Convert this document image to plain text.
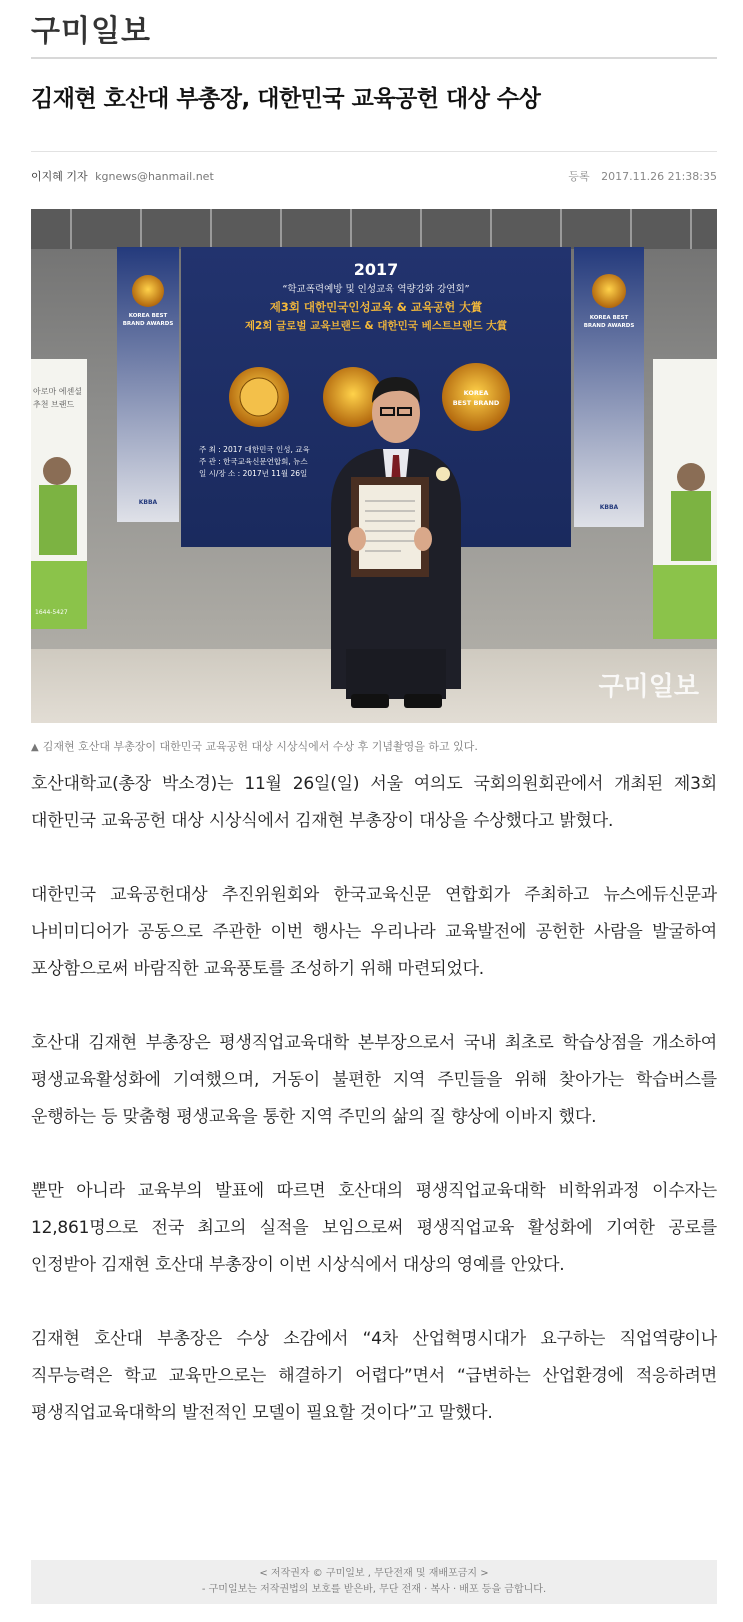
구미일보
김재현 호산대 부총장, 대한민국 교육공헌 대상 수상
이지혜 기자 kgnews@hanmail.net	등록 2017.11.26 21:38:35
2017
“학교폭력예방 및 인성교육 역량강화 강연회”
제3회 대한민국인성교육 & 교육공헌 大賞
제2회 글로벌 교육브랜드 & 대한민국 베스트브랜드 大賞
KOREA
BEST BRAND
주 최 : 2017 대한민국 인성, 교육
주 관 : 한국교육신문연합회, 뉴스
일 시/장 소 : 2017년 11월 26일
KOREA BEST
BRAND AWARDS
KBBA
KOREA BEST
BRAND AWARDS
KBBA
아로마 에센셜
추천 브랜드
1644-5427
구미일보
▲ 김재현 호산대 부총장이 대한민국 교육공헌 대상 시상식에서 수상 후 기념촬영을 하고 있다.

호산대학교(총장 박소경)는 11월 26일(일) 서울 여의도 국회의원회관에서 개최된 제3회 대한민국 교육공헌 대상 시상식에서 김재현 부총장이 대상을 수상했다고 밝혔다.

대한민국 교육공헌대상 추진위원회와 한국교육신문 연합회가 주최하고 뉴스에듀신문과 나비미디어가 공동으로 주관한 이번 행사는 우리나라 교육발전에 공헌한 사람을 발굴하여 포상함으로써 바람직한 교육풍토를 조성하기 위해 마련되었다.

호산대 김재현 부총장은 평생직업교육대학 본부장으로서 국내 최초로 학습상점을 개소하여 평생교육활성화에 기여했으며, 거동이 불편한 지역 주민들을 위해 찾아가는 학습버스를 운행하는 등 맞춤형 평생교육을 통한 지역 주민의 삶의 질 향상에 이바지 했다.

뿐만 아니라 교육부의 발표에 따르면 호산대의 평생직업교육대학 비학위과정 이수자는 12,861명으로 전국 최고의 실적을 보임으로써 평생직업교육 활성화에 기여한 공로를 인정받아 김재현 호산대 부총장이 이번 시상식에서 대상의 영예를 안았다.

김재현 호산대 부총장은 수상 소감에서 “4차 산업혁명시대가 요구하는 직업역량이나 직무능력은 학교 교육만으로는 해결하기 어렵다”면서 “급변하는 산업환경에 적응하려면 평생직업교육대학의 발전적인 모델이 필요할 것이다”고 말했다.

< 저작권자 © 구미일보 , 무단전재 및 재배포금지 >
- 구미일보는 저작권법의 보호를 받은바, 무단 전재 · 복사 · 배포 등을 금합니다.
